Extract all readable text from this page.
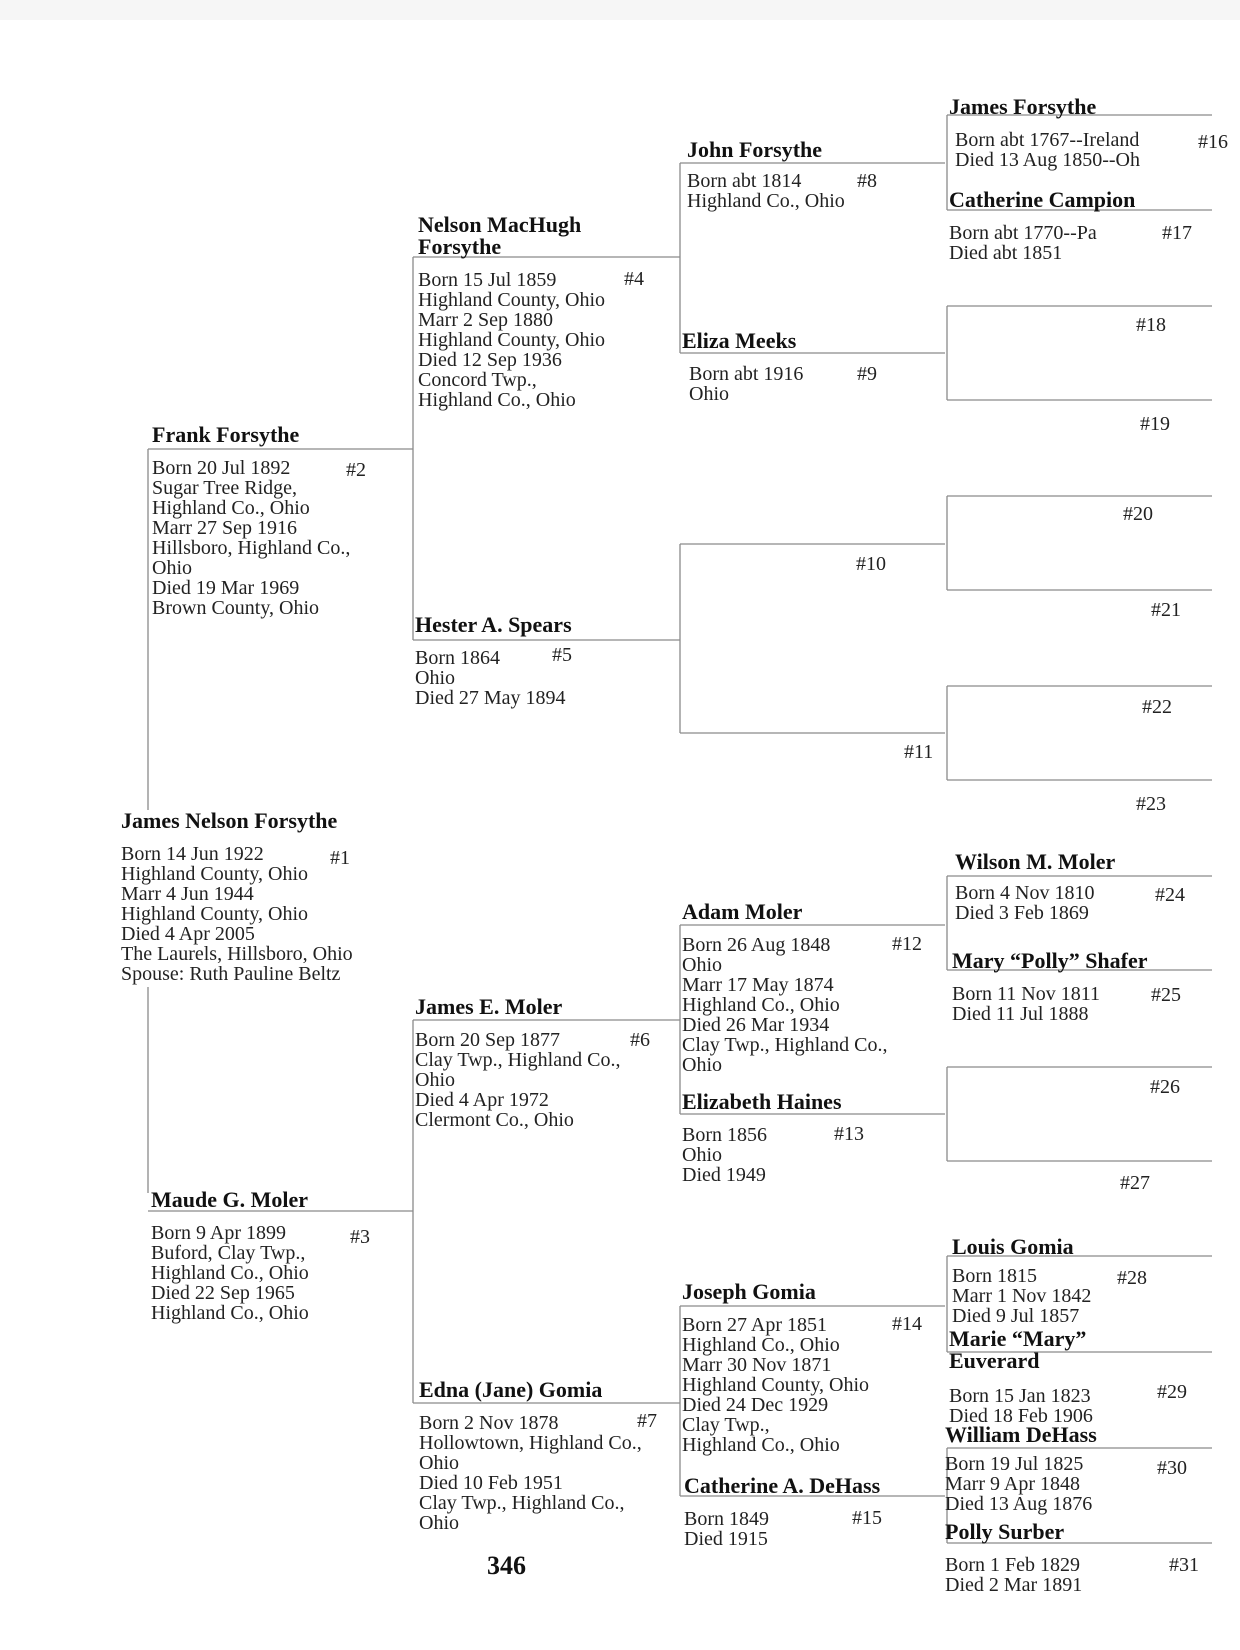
James Nelson Forsythe
Born 14 Jun 1922
Highland County, Ohio
Marr 4 Jun 1944
Highland County, Ohio
Died 4 Apr 2005
The Laurels, Hillsboro, Ohio
Spouse: Ruth Pauline Beltz
#1
Frank Forsythe
Born 20 Jul 1892
Sugar Tree Ridge,
Highland Co., Ohio
Marr 27 Sep 1916
Hillsboro, Highland Co.,
Ohio
Died 19 Mar 1969
Brown County, Ohio
#2
Maude G. Moler
Born 9 Apr 1899
Buford, Clay Twp.,
Highland Co., Ohio
Died 22 Sep 1965
Highland Co., Ohio
#3
Nelson MacHugh Forsythe
Born 15 Jul 1859
Highland County, Ohio
Marr 2 Sep 1880
Highland County, Ohio
Died 12 Sep 1936
Concord Twp.,
Highland Co., Ohio
#4
Hester A. Spears
Born 1864
Ohio
Died 27 May 1894
#5
James E. Moler
Born 20 Sep 1877
Clay Twp., Highland Co.,
Ohio
Died 4 Apr 1972
Clermont Co., Ohio
#6
Edna (Jane) Gomia
Born 2 Nov 1878
Hollowtown, Highland Co.,
Ohio
Died 10 Feb 1951
Clay Twp., Highland Co.,
Ohio
#7
John Forsythe
Born abt 1814
Highland Co., Ohio
#8
Eliza Meeks
Born abt 1916
Ohio
#9
#10
#11
Adam Moler
Born 26 Aug 1848
Ohio
Marr 17 May 1874
Highland Co., Ohio
Died 26 Mar 1934
Clay Twp., Highland Co.,
Ohio
#12
Elizabeth Haines
Born 1856
Ohio
Died 1949
#13
Joseph Gomia
Born 27 Apr 1851
Highland Co., Ohio
Marr 30 Nov 1871
Highland County, Ohio
Died 24 Dec 1929
Clay Twp.,
Highland Co., Ohio
#14
Catherine A. DeHass
Born 1849
Died 1915
#15
James Forsythe
Born abt 1767--Ireland
Died 13 Aug 1850--Oh
#16
Catherine Campion
Born abt 1770--Pa
Died abt 1851
#17
#18
#19
#20
#21
#22
#23
Wilson M. Moler
Born 4 Nov 1810
Died 3 Feb 1869
#24
Mary “Polly” Shafer
Born 11 Nov 1811
Died 11 Jul 1888
#25
#26
#27
Louis Gomia
Born 1815
Marr 1 Nov 1842
Died 9 Jul 1857
#28
Marie “Mary” Euverard
Born 15 Jan 1823
Died 18 Feb 1906
#29
William DeHass
Born 19 Jul 1825
Marr 9 Apr 1848
Died 13 Aug 1876
#30
Polly Surber
Born 1 Feb 1829
Died 2 Mar 1891
#31
346
